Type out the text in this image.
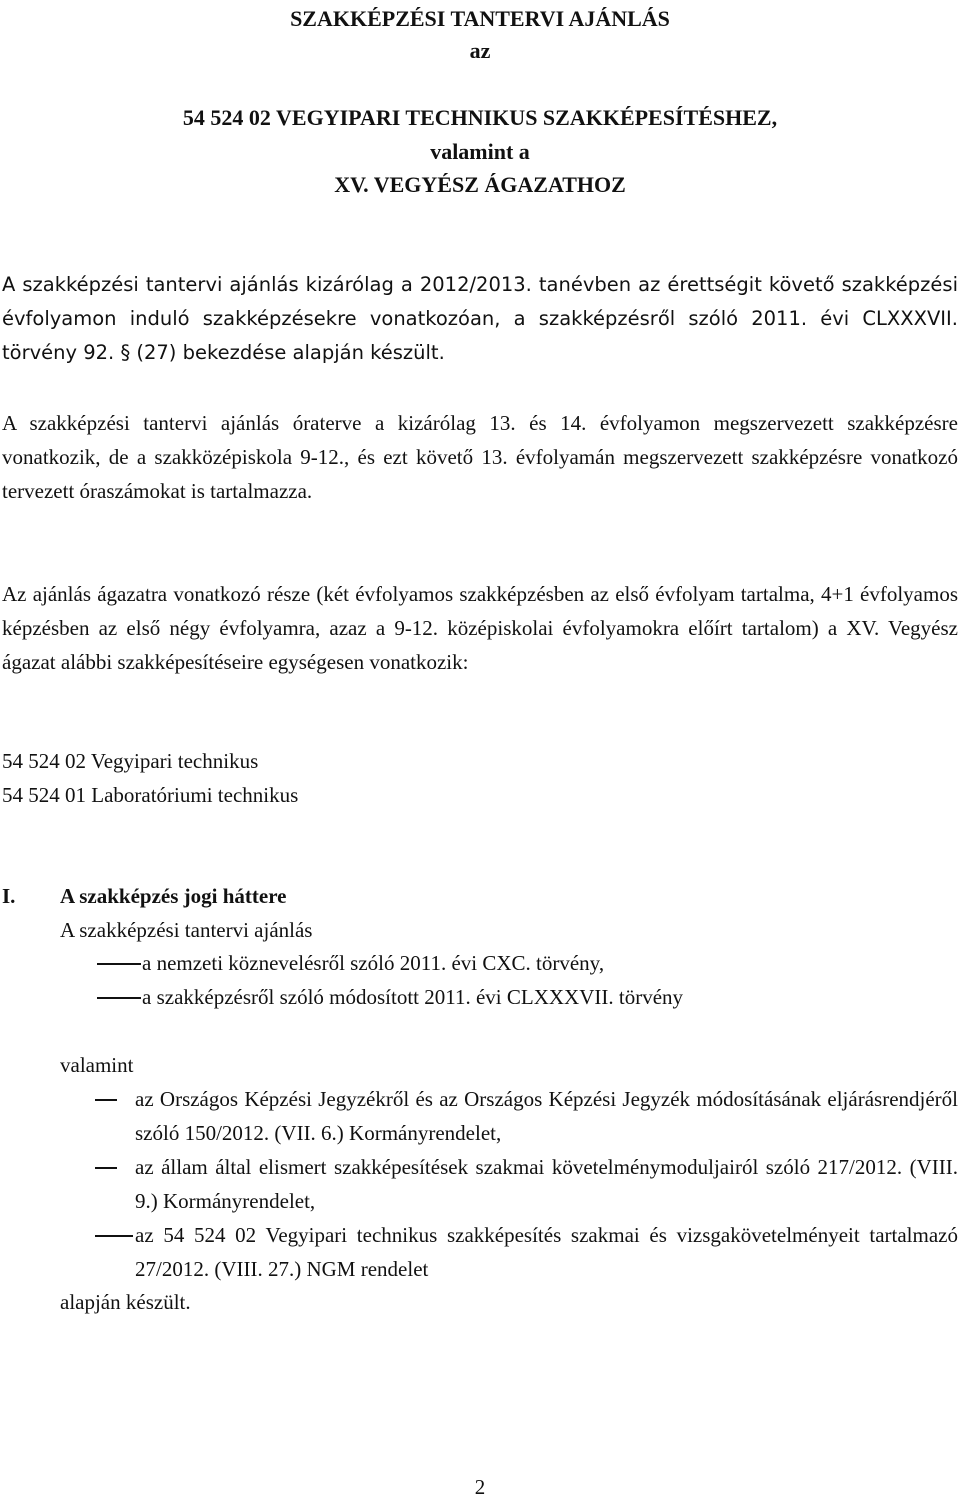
SZAKKÉPZÉSI TANTERVI AJÁNLÁS
az
54 524 02 VEGYIPARI TECHNIKUS SZAKKÉPESÍTÉSHEZ,
valamint a
XV. VEGYÉSZ ÁGAZATHOZ

A szakképzési tantervi ajánlás kizárólag a 2012/2013. tanévben az érettségit követő szakképzési évfolyamon induló szakképzésekre vonatkozóan, a szakképzésről szóló 2011. évi CLXXXVII. törvény 92. § (27) bekezdése alapján készült.

A szakképzési tantervi ajánlás óraterve a kizárólag 13. és 14. évfolyamon megszervezett szakképzésre vonatkozik, de a szakközépiskola 9-12., és ezt követő 13. évfolyamán megszervezett szakképzésre vonatkozó tervezett óraszámokat is tartalmazza.

Az ajánlás ágazatra vonatkozó része (két évfolyamos szakképzésben az első évfolyam tartalma, 4+1 évfolyamos képzésben az első négy évfolyamra, azaz a 9-12. középiskolai évfolyamokra előírt tartalom) a XV. Vegyész ágazat alábbi szakképesítéseire egységesen vonatkozik:

54 524 02 Vegyipari technikus
54 524 01 Laboratóriumi technikus
I. A szakképzés jogi háttere
A szakképzési tantervi ajánlás
a nemzeti köznevelésről szóló 2011. évi CXC. törvény,
a szakképzésről szóló módosított 2011. évi CLXXXVII. törvény
valamint
az Országos Képzési Jegyzékről és az Országos Képzési Jegyzék módosításának eljárásrendjéről szóló 150/2012. (VII. 6.) Kormányrendelet,
az állam által elismert szakképesítések szakmai követelménymoduljairól szóló 217/2012. (VIII. 9.) Kormányrendelet,
az 54 524 02 Vegyipari technikus szakképesítés szakmai és vizsgakövetelményeit tartalmazó 27/2012. (VIII. 27.) NGM rendelet
alapján készült.
2
